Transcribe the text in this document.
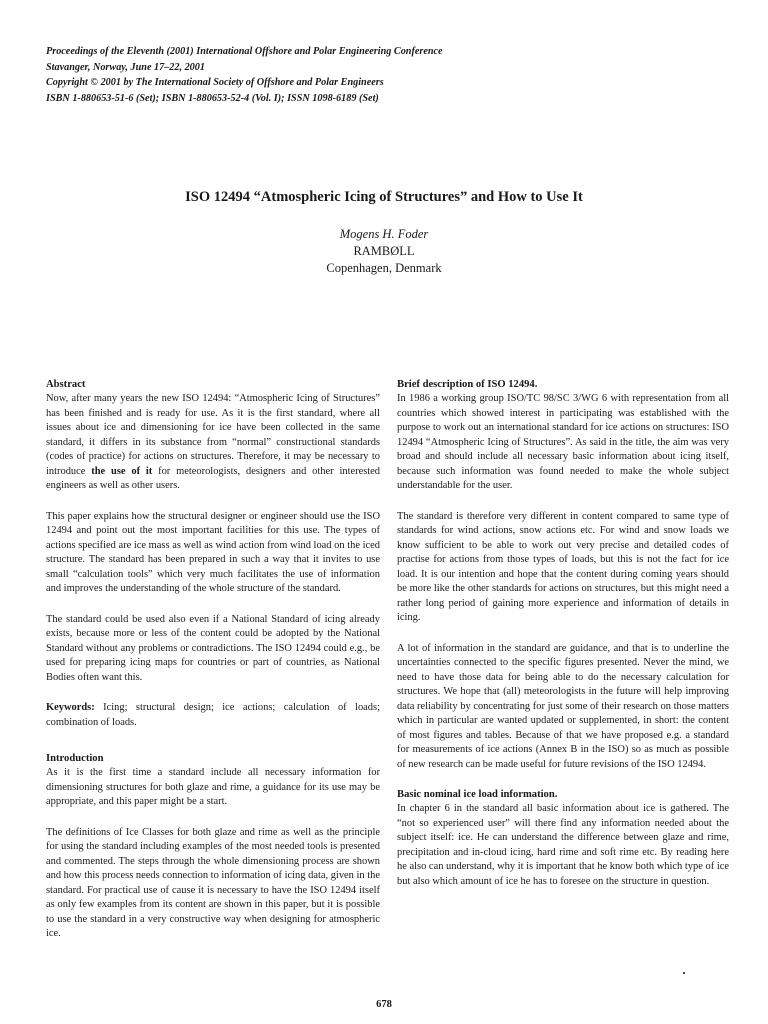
Proceedings of the Eleventh (2001) International Offshore and Polar Engineering Conference
Stavanger, Norway, June 17–22, 2001
Copyright © 2001 by The International Society of Offshore and Polar Engineers
ISBN 1-880653-51-6 (Set); ISBN 1-880653-52-4 (Vol. I); ISSN 1098-6189 (Set)
ISO 12494 “Atmospheric Icing of Structures” and How to Use It
Mogens H. Foder
RAMBØLL
Copenhagen, Denmark
Abstract

Now, after many years the new ISO 12494: “Atmospheric Icing of Structures” has been finished and is ready for use. As it is the first standard, where all issues about ice and dimensioning for ice have been collected in the same standard, it differs in its substance from “normal” constructional standards (codes of practice) for actions on structures. Therefore, it may be necessary to introduce the use of it for meteorologists, designers and other interested engineers as well as other users.

This paper explains how the structural designer or engineer should use the ISO 12494 and point out the most important facilities for this use. The types of actions specified are ice mass as well as wind action from wind load on the iced structure. The standard has been prepared in such a way that it invites to use small “calculation tools” which very much facilitates the use of information and improves the understanding of the whole structure of the standard.

The standard could be used also even if a National Standard of icing already exists, because more or less of the content could be adopted by the National Standard without any problems or contradictions. The ISO 12494 could e.g., be used for preparing icing maps for countries or part of countries, as National Bodies often want this.

Keywords: Icing; structural design; ice actions; calculation of loads; combination of loads.

Introduction

As it is the first time a standard include all necessary information for dimensioning structures for both glaze and rime, a guidance for its use may be appropriate, and this paper might be a start.

The definitions of Ice Classes for both glaze and rime as well as the principle for using the standard including examples of the most needed tools is presented and commented. The steps through the whole dimensioning process are shown and how this process needs connection to information of icing data, given in the standard. For practical use of cause it is necessary to have the ISO 12494 itself as only few examples from its content are shown in this paper, but it is possible to use the standard in a very constructive way when designing for atmospheric ice.

Brief description of ISO 12494.

In 1986 a working group ISO/TC 98/SC 3/WG 6 with representation from all countries which showed interest in participating was established with the purpose to work out an international standard for ice actions on structures: ISO 12494 “Atmospheric Icing of Structures”. As said in the title, the aim was very broad and should include all necessary basic information about icing itself, because such information was found needed to make the whole subject understandable for the user.

The standard is therefore very different in content compared to same type of standards for wind actions, snow actions etc. For wind and snow loads we know sufficient to be able to work out very precise and detailed codes of practise for actions from those types of loads, but this is not the fact for ice load. It is our intention and hope that the content during coming years should be more like the other standards for actions on structures, but this might need a rather long period of gaining more experience and information of details in icing.

A lot of information in the standard are guidance, and that is to underline the uncertainties connected to the specific figures presented. Never the mind, we need to have those data for being able to do the necessary calculation for structures. We hope that (all) meteorologists in the future will help improving data reliability by concentrating for just some of their research on those matters which in particular are wanted updated or supplemented, in short: the content of most figures and tables. Because of that we have proposed e.g. a standard for measurements of ice actions (Annex B in the ISO) so as much as possible of new research can be made useful for future revisions of the ISO 12494.

Basic nominal ice load information.

In chapter 6 in the standard all basic information about ice is gathered. The “not so experienced user” will there find any information needed about the subject itself: ice. He can understand the difference between glaze and rime, precipitation and in-cloud icing, hard rime and soft rime etc. By reading here he also can understand, why it is important that he know both which type of ice but also which amount of ice he has to foresee on the structure in question.

678
